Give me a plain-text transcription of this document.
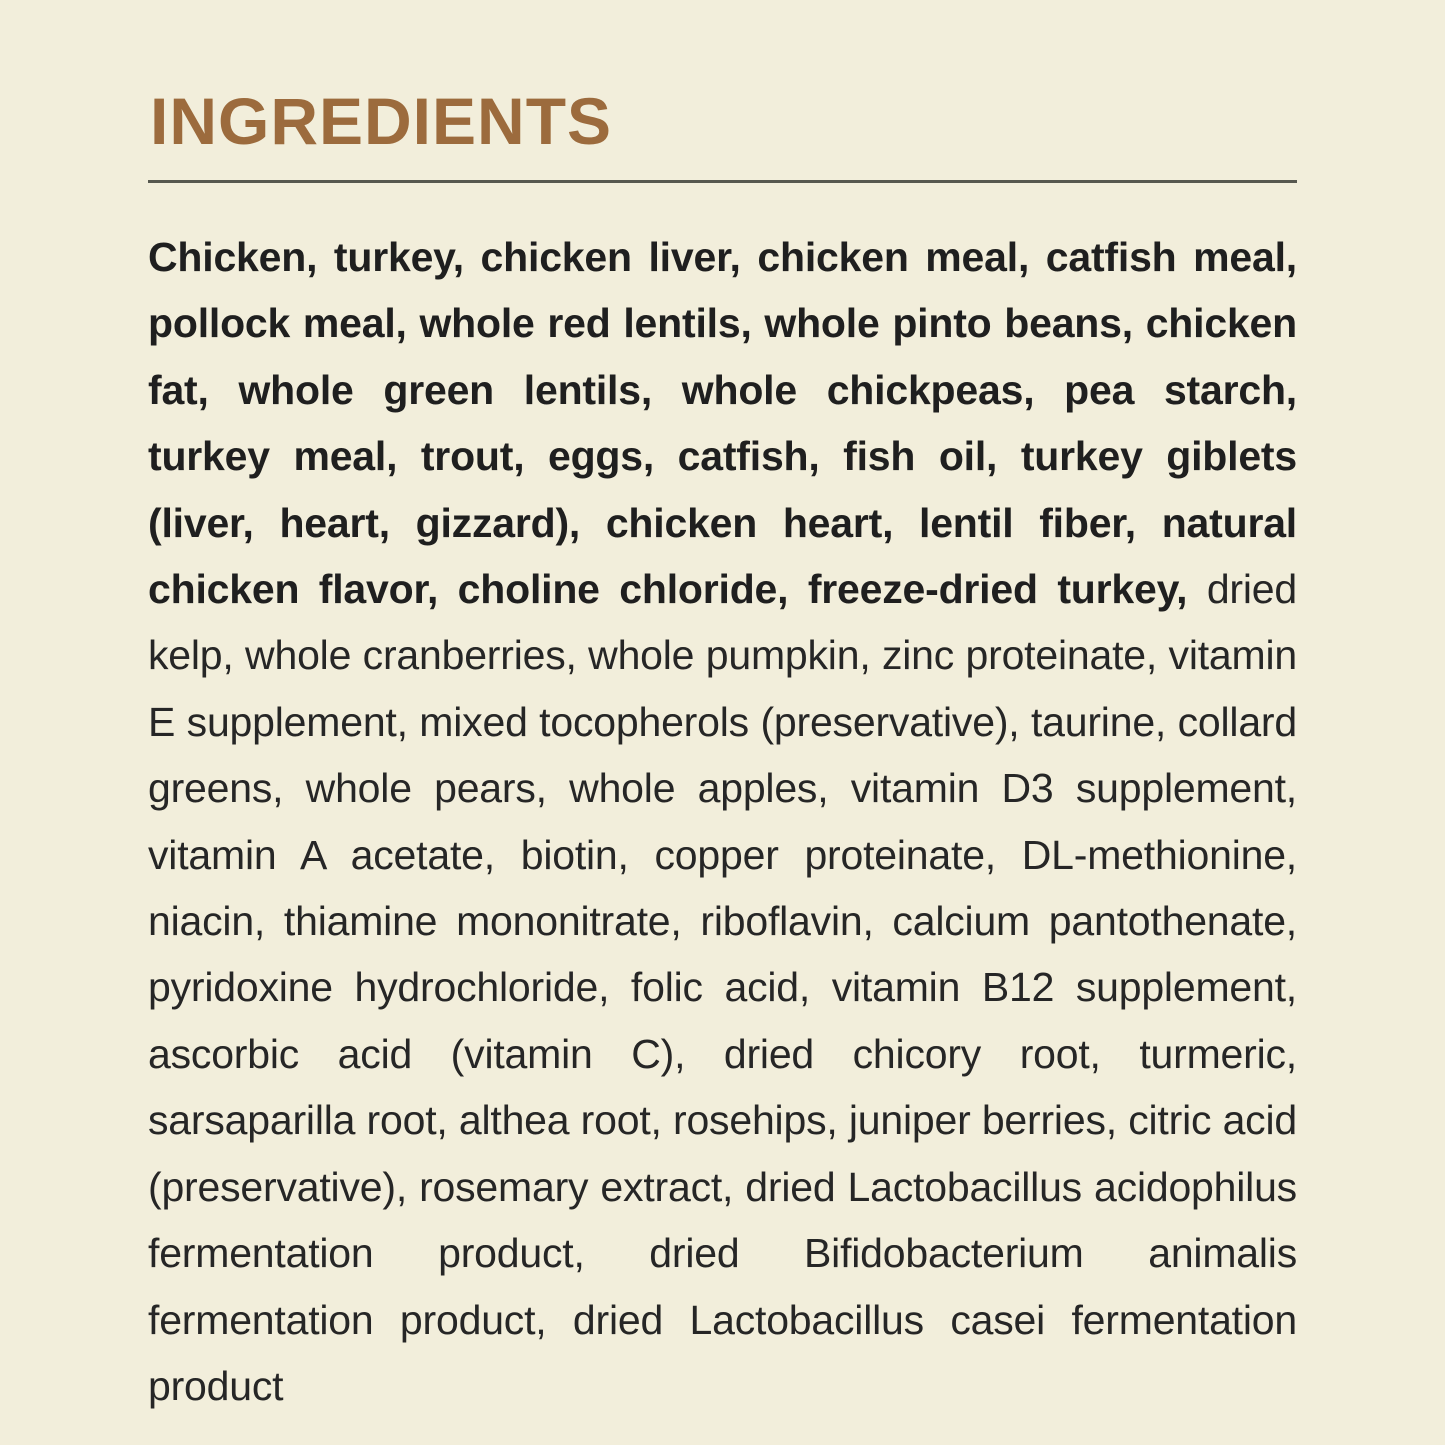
INGREDIENTS

Chicken, turkey, chicken liver, chicken meal, catfish meal, pollock meal, whole red lentils, whole pinto beans, chicken fat, whole green lentils, whole chickpeas, pea starch, turkey meal, trout, eggs, catfish, fish oil, turkey giblets (liver, heart, gizzard), chicken heart, lentil fiber, natural chicken flavor, choline chloride, freeze-dried turkey, dried kelp, whole cranberries, whole pumpkin, zinc proteinate, vitamin E supplement, mixed tocopherols (preservative), taurine, collard greens, whole pears, whole apples, vitamin D3 supplement, vitamin A acetate, biotin, copper proteinate, DL-methionine, niacin, thiamine mononitrate, riboflavin, calcium pantothenate, pyridoxine hydrochloride, folic acid, vitamin B12 supplement, ascorbic acid (vitamin C), dried chicory root, turmeric, sarsaparilla root, althea root, rosehips, juniper berries, citric acid (preservative), rosemary extract, dried Lactobacillus acidophilus fermentation product, dried Bifidobacterium animalis fermentation product, dried Lactobacillus casei fermentation product
